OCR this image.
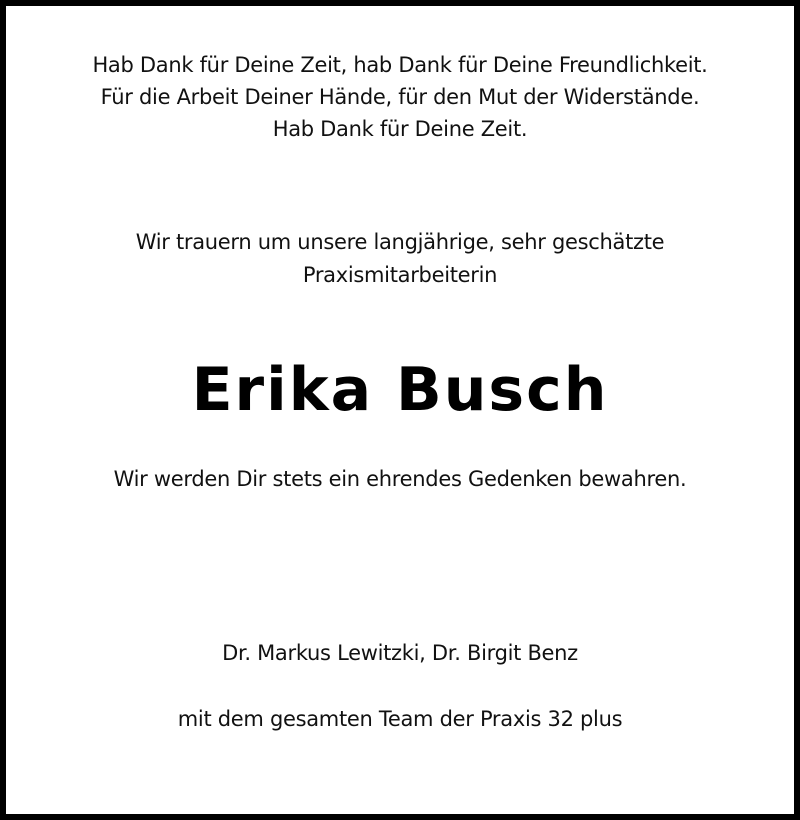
Hab Dank für Deine Zeit, hab Dank für Deine Freundlichkeit.
Für die Arbeit Deiner Hände, für den Mut der Widerstände.
Hab Dank für Deine Zeit.
Wir trauern um unsere langjährige, sehr geschätzte
Praxismitarbeiterin
Erika Busch
Wir werden Dir stets ein ehrendes Gedenken bewahren.
Dr. Markus Lewitzki, Dr. Birgit Benz
mit dem gesamten Team der Praxis 32 plus
